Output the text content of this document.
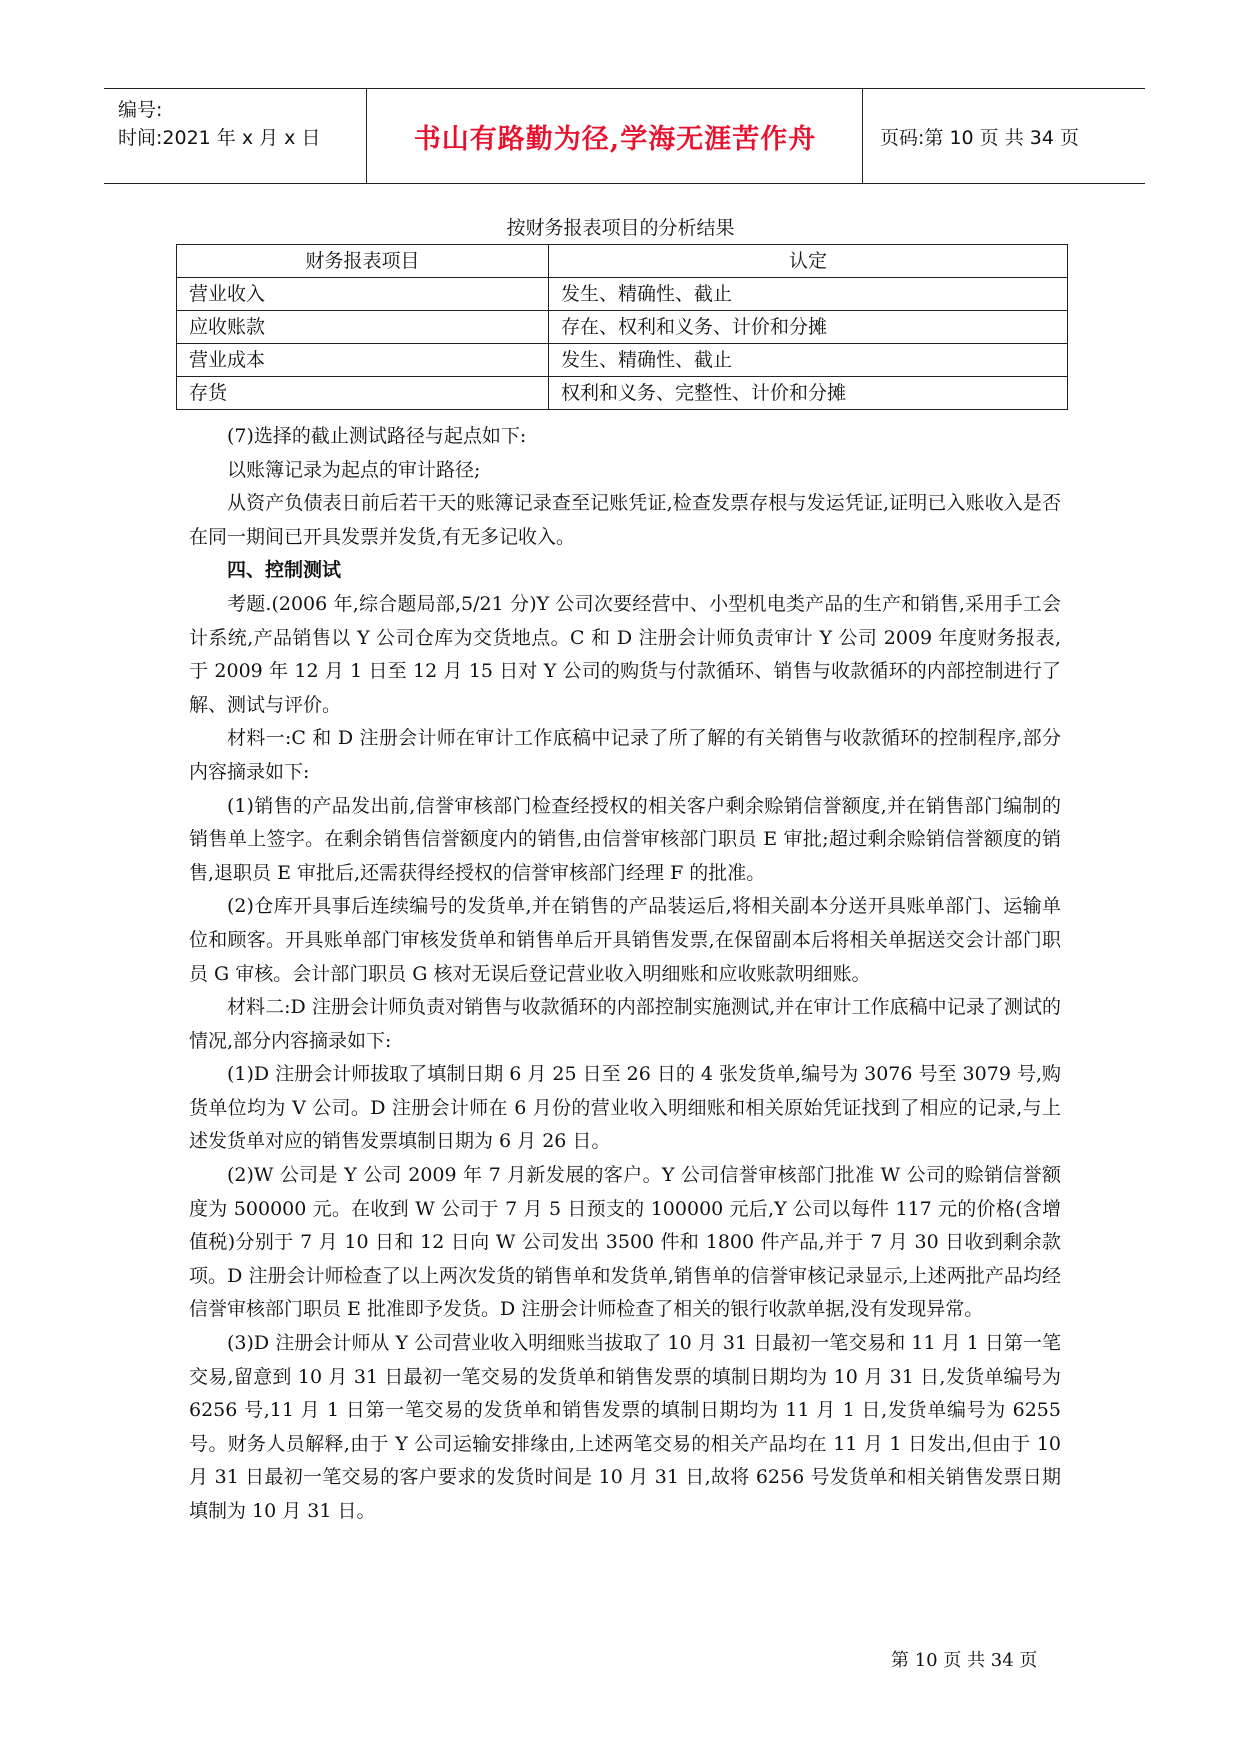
编号:
时间:2021 年 x 月 x 日	书山有路勤为径,学海无涯苦作舟	页码:第 10 页 共 34 页
按财务报表项目的分析结果
财务报表项目	认定
营业收入	发生、精确性、截止
应收账款	存在、权利和义务、计价和分摊
营业成本	发生、精确性、截止
存货	权利和义务、完整性、计价和分摊

(7)选择的截止测试路径与起点如下:

以账簿记录为起点的审计路径;

从资产负债表日前后若干天的账簿记录查至记账凭证,检查发票存根与发运凭证,证明已入账收入是否在同一期间已开具发票并发货,有无多记收入。

四、控制测试

考题.(2006 年,综合题局部,5/21 分)Y 公司次要经营中、小型机电类产品的生产和销售,采用手工会计系统,产品销售以 Y 公司仓库为交货地点。C 和 D 注册会计师负责审计 Y 公司 2009 年度财务报表,于 2009 年 12 月 1 日至 12 月 15 日对 Y 公司的购货与付款循环、销售与收款循环的内部控制进行了解、测试与评价。

材料一:C 和 D 注册会计师在审计工作底稿中记录了所了解的有关销售与收款循环的控制程序,部分内容摘录如下:

(1)销售的产品发出前,信誉审核部门检查经授权的相关客户剩余赊销信誉额度,并在销售部门编制的销售单上签字。在剩余销售信誉额度内的销售,由信誉审核部门职员 E 审批;超过剩余赊销信誉额度的销售,退职员 E 审批后,还需获得经授权的信誉审核部门经理 F 的批准。

(2)仓库开具事后连续编号的发货单,并在销售的产品装运后,将相关副本分送开具账单部门、运输单位和顾客。开具账单部门审核发货单和销售单后开具销售发票,在保留副本后将相关单据送交会计部门职员 G 审核。会计部门职员 G 核对无误后登记营业收入明细账和应收账款明细账。

材料二:D 注册会计师负责对销售与收款循环的内部控制实施测试,并在审计工作底稿中记录了测试的情况,部分内容摘录如下:

(1)D 注册会计师拔取了填制日期 6 月 25 日至 26 日的 4 张发货单,编号为 3076 号至 3079 号,购货单位均为 V 公司。D 注册会计师在 6 月份的营业收入明细账和相关原始凭证找到了相应的记录,与上述发货单对应的销售发票填制日期为 6 月 26 日。

(2)W 公司是 Y 公司 2009 年 7 月新发展的客户。Y 公司信誉审核部门批准 W 公司的赊销信誉额度为 500000 元。在收到 W 公司于 7 月 5 日预支的 100000 元后,Y 公司以每件 117 元的价格(含增值税)分别于 7 月 10 日和 12 日向 W 公司发出 3500 件和 1800 件产品,并于 7 月 30 日收到剩余款项。D 注册会计师检查了以上两次发货的销售单和发货单,销售单的信誉审核记录显示,上述两批产品均经信誉审核部门职员 E 批准即予发货。D 注册会计师检查了相关的银行收款单据,没有发现异常。

(3)D 注册会计师从 Y 公司营业收入明细账当拔取了 10 月 31 日最初一笔交易和 11 月 1 日第一笔交易,留意到 10 月 31 日最初一笔交易的发货单和销售发票的填制日期均为 10 月 31 日,发货单编号为 6256 号,11 月 1 日第一笔交易的发货单和销售发票的填制日期均为 11 月 1 日,发货单编号为 6255 号。财务人员解释,由于 Y 公司运输安排缘由,上述两笔交易的相关产品均在 11 月 1 日发出,但由于 10 月 31 日最初一笔交易的客户要求的发货时间是 10 月 31 日,故将 6256 号发货单和相关销售发票日期填制为 10 月 31 日。

第 10 页 共 34 页
